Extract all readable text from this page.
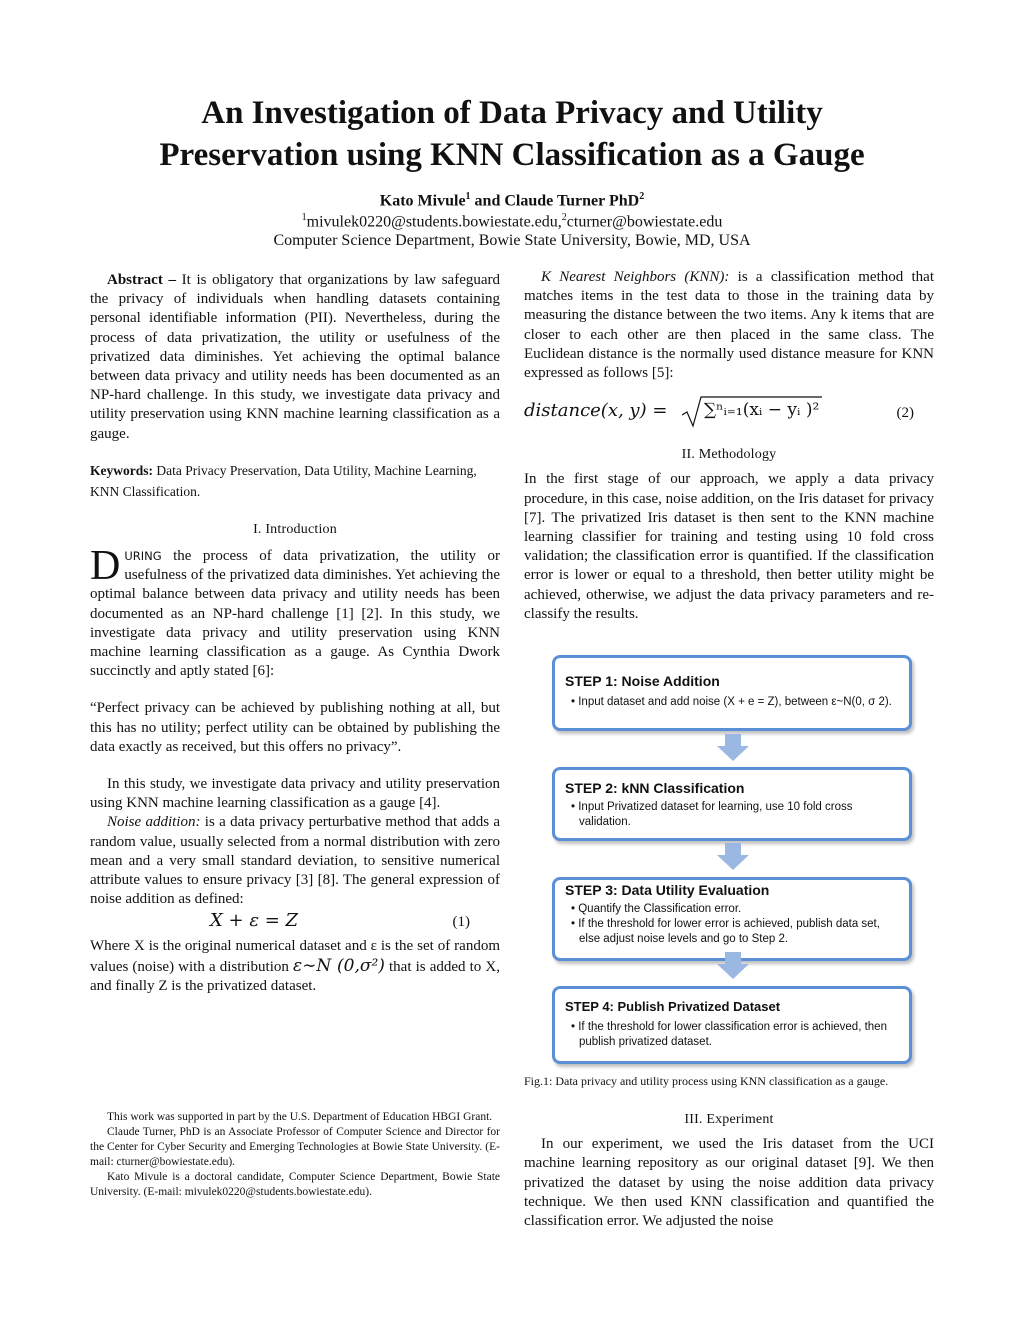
An Investigation of Data Privacy and Utility
Preservation using KNN Classification as a Gauge
Kato Mivule$^1$ and Claude Turner PhD$^2$
$^1$mivulek0220@students.bowiestate.edu,$^2$cturner@bowiestate.edu
Computer Science Department, Bowie State University, Bowie, MD, USA

Abstract – It is obligatory that organizations by law safeguard the privacy of individuals when handling datasets containing personal identifiable information (PII). Nevertheless, during the process of data privatization, the utility or usefulness of the privatized data diminishes. Yet achieving the optimal balance between data privacy and utility needs has been documented as an NP-hard challenge. In this study, we investigate data privacy and utility preservation using KNN machine learning classification as a gauge.

Keywords: Data Privacy Preservation, Data Utility, Machine Learning, KNN Classification.

I. Introduction

DURING the process of data privatization, the utility or usefulness of the privatized data diminishes. Yet achieving the optimal balance between data privacy and utility needs has been documented as an NP-hard challenge [1] [2]. In this study, we investigate data privacy and utility preservation using KNN machine learning classification as a gauge. As Cynthia Dwork succinctly and aptly stated [6]:

“Perfect privacy can be achieved by publishing nothing at all, but this has no utility; perfect utility can be obtained by publishing the data exactly as received, but this offers no privacy”.

In this study, we investigate data privacy and utility preservation using KNN machine learning classification as a gauge [4].

Noise addition: is a data privacy perturbative method that adds a random value, usually selected from a normal distribution with zero mean and a very small standard deviation, to sensitive numerical attribute values to ensure privacy [3] [8]. The general expression of noise addition as defined:

X + ε = Z	(1)

Where X is the original numerical dataset and ε is the set of random values (noise) with a distribution ε∼N (0,σ²) that is added to X, and finally Z is the privatized dataset.

This work was supported in part by the U.S. Department of Education HBGI Grant.

Claude Turner, PhD is an Associate Professor of Computer Science and Director for the Center for Cyber Security and Emerging Technologies at Bowie State University. (E-mail: cturner@bowiestate.edu).

Kato Mivule is a doctoral candidate, Computer Science Department, Bowie State University. (E-mail: mivulek0220@students.bowiestate.edu).

K Nearest Neighbors (KNN): is a classification method that matches items in the test data to those in the training data by measuring the distance between the two items. Any k items that are closer to each other are then placed in the same class. The Euclidean distance is the normally used distance measure for KNN expressed as follows [5]:

distance(x, y) = ∑ⁿᵢ₌₁(xᵢ − yᵢ )²	(2)

II. Methodology

In the first stage of our approach, we apply a data privacy procedure, in this case, noise addition, on the Iris dataset for privacy [7]. The privatized Iris dataset is then sent to the KNN machine learning classifier for training and testing using 10 fold cross validation; the classification error is quantified. If the classification error is lower or equal to a threshold, then better utility might be achieved, otherwise, we adjust the data privacy parameters and re-classify the results.

STEP 1: Noise Addition
• Input dataset and add noise (X + e = Z), between ε~N(0, σ 2).
STEP 2: kNN Classification
• Input Privatized dataset for learning, use 10 fold cross validation.
STEP 3: Data Utility Evaluation
• Quantify the Classification error.
• If the threshold for lower error is achieved, publish data set, else adjust noise levels and go to Step 2.
STEP 4: Publish Privatized Dataset
• If the threshold for lower classification error is achieved, then publish privatized dataset.
Fig.1: Data privacy and utility process using KNN classification as a gauge.

III. Experiment

In our experiment, we used the Iris dataset from the UCI machine learning repository as our original dataset [9]. We then privatized the dataset by using the noise addition data privacy technique. We then used KNN classification and quantified the classification error. We adjusted the noise
